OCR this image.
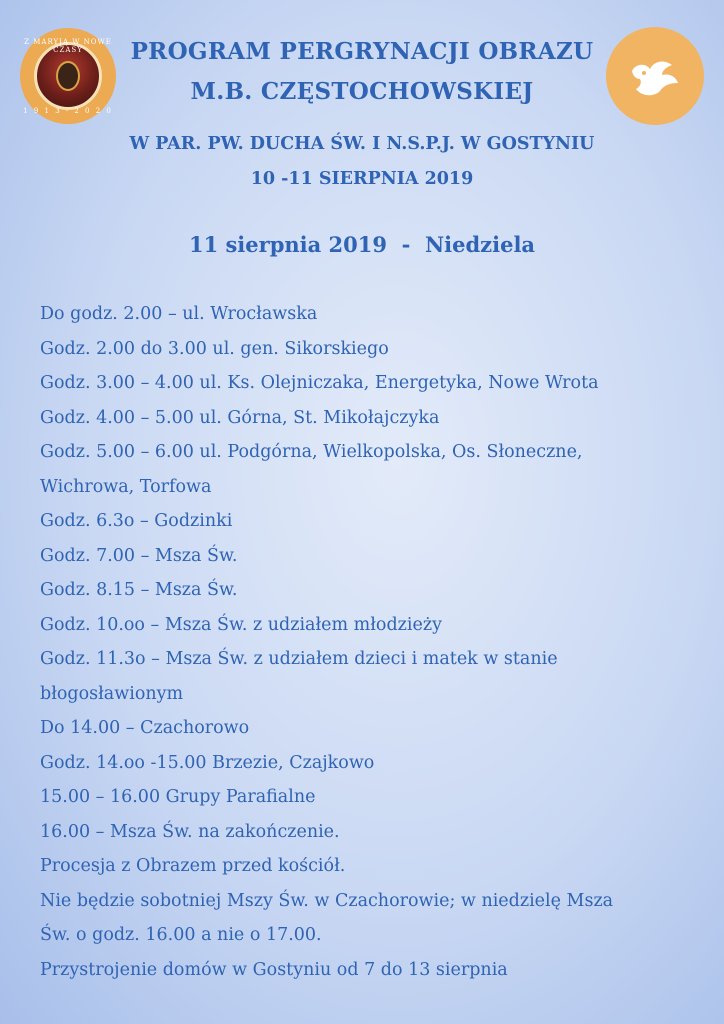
Z MARYJĄ W NOWE CZASY
1 9 1 3 · 2 0 2 0
PROGRAM PERGRYNACJI OBRAZU
M.B. CZĘSTOCHOWSKIEJ
W PAR. PW. DUCHA ŚW. I N.S.P.J. W GOSTYNIU
10 -11 SIERPNIA 2019
11 sierpnia 2019  -  Niedziela
Do godz. 2.00 – ul. Wrocławska
Godz. 2.00 do 3.00 ul. gen. Sikorskiego
Godz. 3.00 – 4.00 ul. Ks. Olejniczaka, Energetyka, Nowe Wrota
Godz. 4.00 – 5.00 ul. Górna, St. Mikołajczyka
Godz. 5.00 – 6.00 ul. Podgórna, Wielkopolska, Os. Słoneczne,
Wichrowa, Torfowa
Godz. 6.3o – Godzinki
Godz. 7.00 – Msza Św.
Godz. 8.15 – Msza Św.
Godz. 10.oo – Msza Św. z udziałem młodzieży
Godz. 11.3o – Msza Św. z udziałem dzieci i matek w stanie
błogosławionym
Do 14.00 – Czachorowo
Godz. 14.oo -15.00 Brzezie, Czajkowo
15.00 – 16.00 Grupy Parafialne
16.00 – Msza Św. na zakończenie.
Procesja z Obrazem przed kościół.
Nie będzie sobotniej Mszy Św. w Czachorowie; w niedzielę Msza
Św. o godz. 16.00 a nie o 17.00.
Przystrojenie domów w Gostyniu od 7 do 13 sierpnia
